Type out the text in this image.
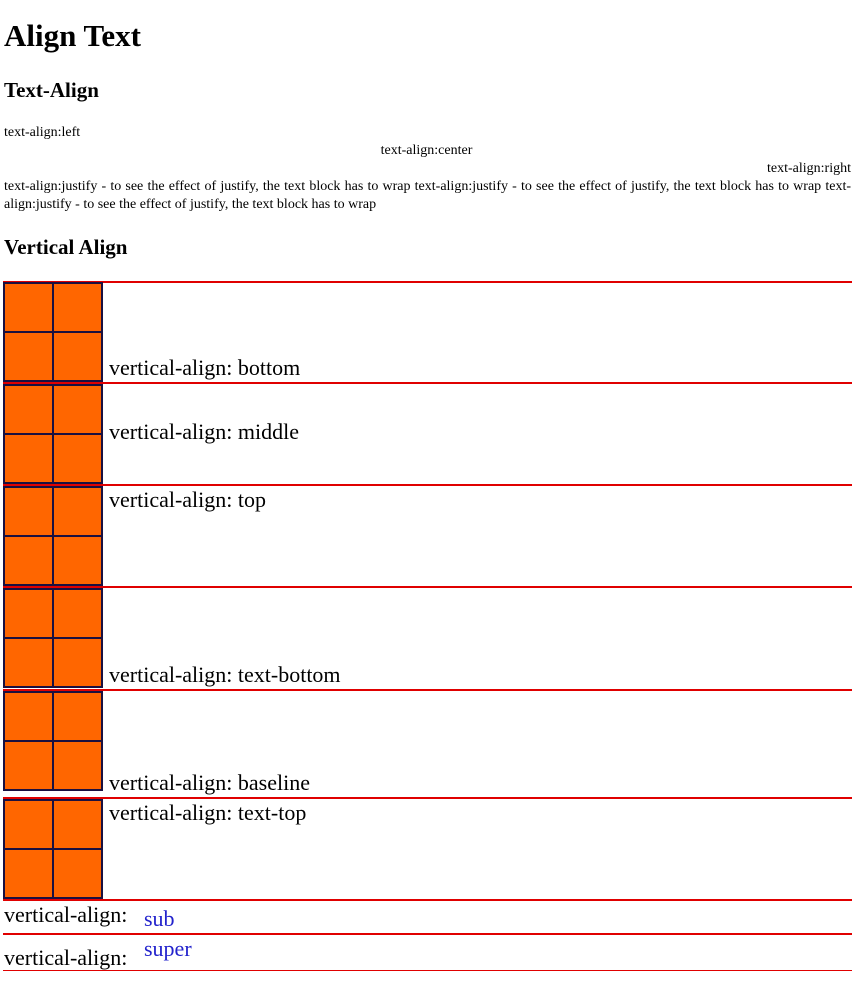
Align Text
Text-Align
text-align:left
text-align:center
text-align:right
text-align:justify - to see the effect of justify, the text block has to wrap text-align:justify - to see the effect of justify, the text block has to wrap text-align:justify - to see the effect of justify, the text block has to wrap
Vertical Align
vertical-align: bottom
vertical-align: middle
vertical-align: top
vertical-align: text-bottom
vertical-align: baseline
vertical-align: text-top
vertical-align: sub
vertical-align: super
